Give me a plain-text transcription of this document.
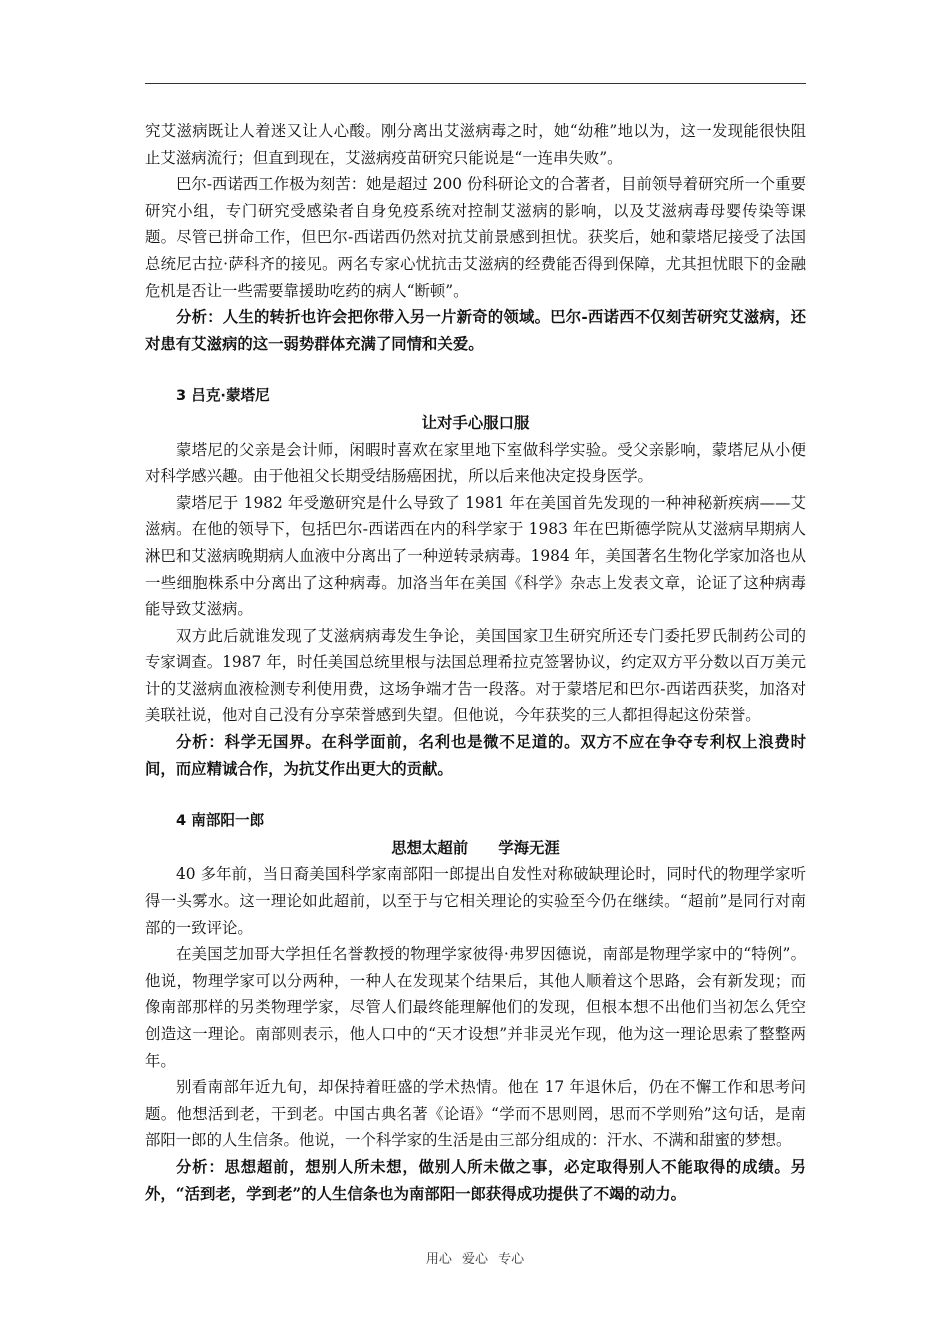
究艾滋病既让人着迷又让人心酸。刚分离出艾滋病毒之时，她“幼稚”地以为，这一发现能很快阻止艾滋病流行；但直到现在，艾滋病疫苗研究只能说是“一连串失败”。

巴尔-西诺西工作极为刻苦：她是超过 200 份科研论文的合著者，目前领导着研究所一个重要研究小组，专门研究受感染者自身免疫系统对控制艾滋病的影响，以及艾滋病毒母婴传染等课题。尽管已拼命工作，但巴尔-西诺西仍然对抗艾前景感到担忧。获奖后，她和蒙塔尼接受了法国总统尼古拉·萨科齐的接见。两名专家心忧抗击艾滋病的经费能否得到保障，尤其担忧眼下的金融危机是否让一些需要靠援助吃药的病人“断顿”。

分析：人生的转折也许会把你带入另一片新奇的领域。巴尔-西诺西不仅刻苦研究艾滋病，还对患有艾滋病的这一弱势群体充满了同情和关爱。

3 吕克·蒙塔尼

让对手心服口服

蒙塔尼的父亲是会计师，闲暇时喜欢在家里地下室做科学实验。受父亲影响，蒙塔尼从小便对科学感兴趣。由于他祖父长期受结肠癌困扰，所以后来他决定投身医学。

蒙塔尼于 1982 年受邀研究是什么导致了 1981 年在美国首先发现的一种神秘新疾病——艾滋病。在他的领导下，包括巴尔-西诺西在内的科学家于 1983 年在巴斯德学院从艾滋病早期病人淋巴和艾滋病晚期病人血液中分离出了一种逆转录病毒。1984 年，美国著名生物化学家加洛也从一些细胞株系中分离出了这种病毒。加洛当年在美国《科学》杂志上发表文章，论证了这种病毒能导致艾滋病。

双方此后就谁发现了艾滋病病毒发生争论，美国国家卫生研究所还专门委托罗氏制药公司的专家调查。1987 年，时任美国总统里根与法国总理希拉克签署协议，约定双方平分数以百万美元计的艾滋病血液检测专利使用费，这场争端才告一段落。对于蒙塔尼和巴尔-西诺西获奖，加洛对美联社说，他对自己没有分享荣誉感到失望。但他说，今年获奖的三人都担得起这份荣誉。

分析：科学无国界。在科学面前，名利也是微不足道的。双方不应在争夺专利权上浪费时间，而应精诚合作，为抗艾作出更大的贡献。

4 南部阳一郎

思想太超前 学海无涯

40 多年前，当日裔美国科学家南部阳一郎提出自发性对称破缺理论时，同时代的物理学家听得一头雾水。这一理论如此超前，以至于与它相关理论的实验至今仍在继续。“超前”是同行对南部的一致评论。

在美国芝加哥大学担任名誉教授的物理学家彼得·弗罗因德说，南部是物理学家中的“特例”。他说，物理学家可以分两种，一种人在发现某个结果后，其他人顺着这个思路，会有新发现；而像南部那样的另类物理学家，尽管人们最终能理解他们的发现，但根本想不出他们当初怎么凭空创造这一理论。南部则表示，他人口中的“天才设想”并非灵光乍现，他为这一理论思索了整整两年。

别看南部年近九旬，却保持着旺盛的学术热情。他在 17 年退休后，仍在不懈工作和思考问题。他想活到老，干到老。中国古典名著《论语》“学而不思则罔，思而不学则殆”这句话，是南部阳一郎的人生信条。他说，一个科学家的生活是由三部分组成的：汗水、不满和甜蜜的梦想。

分析：思想超前，想别人所未想，做别人所未做之事，必定取得别人不能取得的成绩。另外，“活到老，学到老”的人生信条也为南部阳一郎获得成功提供了不竭的动力。

用心 爱心 专心
